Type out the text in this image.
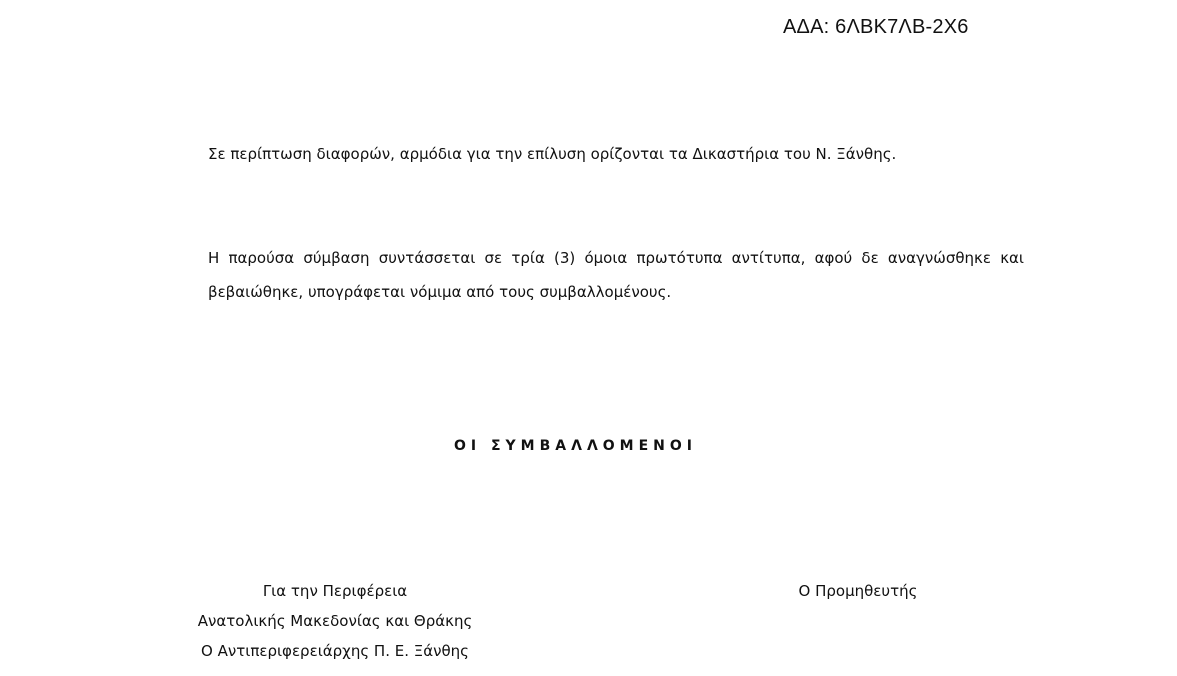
ΑΔΑ: 6ΛΒΚ7ΛΒ-2Χ6

Σε περίπτωση διαφορών, αρμόδια για την επίλυση ορίζονται τα Δικαστήρια του Ν. Ξάνθης.

Η παρούσα σύμβαση συντάσσεται σε τρία (3) όμοια πρωτότυπα αντίτυπα, αφού δε αναγνώσθηκε και βεβαιώθηκε, υπογράφεται νόμιμα από τους συμβαλλομένους.

ΟΙ ΣΥΜΒΑΛΛΟΜΕΝΟΙ
Για την Περιφέρεια
Ανατολικής Μακεδονίας και Θράκης
Ο Αντιπεριφερειάρχης Π. Ε. Ξάνθης
Ο Προμηθευτής
